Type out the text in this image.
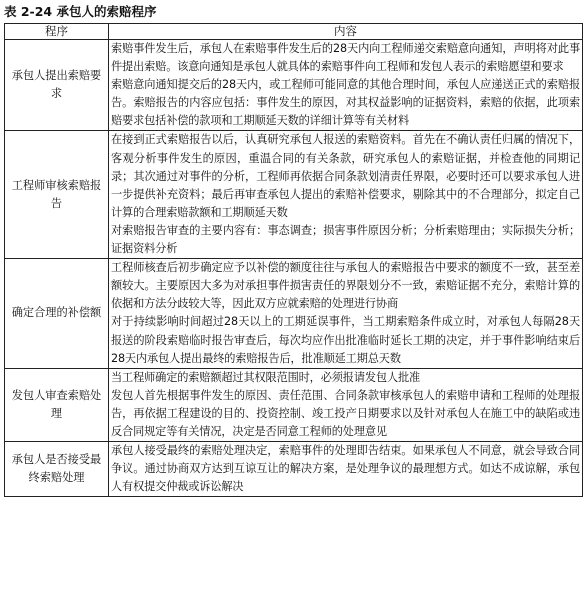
表 2-24 承包人的索赔程序
程序	内容
承包人提出索赔要求	索赔事件发生后，承包人在索赔事件发生后的28天内向工程师递交索赔意向通知，声明将对此事件提出索赔。该意向通知是承包人就具体的索赔事件向工程师和发包人表示的索赔愿望和要求

索赔意向通知提交后的28天内，或工程师可能同意的其他合理时间，承包人应递送正式的索赔报告。索赔报告的内容应包括：事件发生的原因，对其权益影响的证据资料，索赔的依据，此项索赔要求包括补偿的款项和工期顺延天数的详细计算等有关材料

工程师审核索赔报告	在接到正式索赔报告以后，认真研究承包人报送的索赔资料。首先在不确认责任归属的情况下，客观分析事件发生的原因，重温合同的有关条款，研究承包人的索赔证据，并检查他的同期记录；其次通过对事件的分析，工程师再依据合同条款划清责任界限，必要时还可以要求承包人进一步提供补充资料；最后再审查承包人提出的索赔补偿要求，剔除其中的不合理部分，拟定自己计算的合理索赔款额和工期顺延天数

对索赔报告审查的主要内容有：事态调查；损害事件原因分析；分析索赔理由；实际损失分析；证据资料分析

确定合理的补偿额	工程师核查后初步确定应予以补偿的额度往往与承包人的索赔报告中要求的额度不一致，甚至差额较大。主要原因大多为对承担事件损害责任的界限划分不一致，索赔证据不充分，索赔计算的依据和方法分歧较大等，因此双方应就索赔的处理进行协商

对于持续影响时间超过28天以上的工期延误事件，当工期索赔条件成立时，对承包人每隔28天报送的阶段索赔临时报告审查后，每次均应作出批准临时延长工期的决定，并于事件影响结束后28天内承包人提出最终的索赔报告后，批准顺延工期总天数

发包人审查索赔处理	当工程师确定的索赔额超过其权限范围时，必须报请发包人批准

发包人首先根据事件发生的原因、责任范围、合同条款审核承包人的索赔申请和工程师的处理报告，再依据工程建设的目的、投资控制、竣工投产日期要求以及针对承包人在施工中的缺陷或违反合同规定等有关情况，决定是否同意工程师的处理意见

承包人是否接受最终索赔处理	承包人接受最终的索赔处理决定，索赔事件的处理即告结束。如果承包人不同意，就会导致合同争议。通过协商双方达到互谅互让的解决方案，是处理争议的最理想方式。如达不成谅解，承包人有权提交仲裁或诉讼解决
